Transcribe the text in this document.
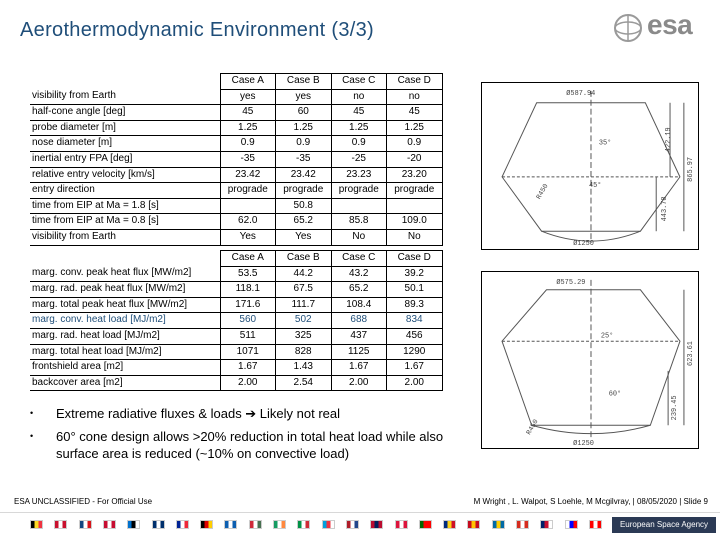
Aerothermodynamic Environment (3/3)	esa
	Case A	Case B	Case C	Case D
visibility from Earth	yes	yes	no	no
half-cone angle [deg]	45	60	45	45
probe diameter [m]	1.25	1.25	1.25	1.25
nose diameter [m]	0.9	0.9	0.9	0.9
inertial entry FPA [deg]	-35	-35	-25	-20
relative entry velocity [km/s]	23.42	23.42	23.23	23.20
entry direction	prograde	prograde	prograde	prograde
time from EIP at Ma = 1.8 [s]		50.8		
time from EIP at Ma = 0.8 [s]	62.0	65.2	85.8	109.0
visibility from Earth	Yes	Yes	No	No
	Case A	Case B	Case C	Case D
marg. conv. peak heat flux [MW/m2]	53.5	44.2	43.2	39.2
marg. rad. peak heat flux [MW/m2]	118.1	67.5	65.2	50.1
marg. total peak heat flux [MW/m2]	171.6	111.7	108.4	89.3
marg. conv. heat load [MJ/m2]	560	502	688	834
marg. rad. heat load [MJ/m2]	511	325	437	456
marg. total heat load [MJ/m2]	1071	828	1125	1290
frontshield area [m2]	1.67	1.43	1.67	1.67
backcover area [m2]	2.00	2.54	2.00	2.00
Ø587.94
422.19
865.97
443.78
R450
35°
45°
Ø1250
Ø575.29
623.61
239.45
25°
R450
60°
Ø1250
• Extreme radiative fluxes & loads ➔ Likely not real
• 60° cone design allows >20% reduction in total heat load while also surface area is reduced (~10% on convective load)
ESA UNCLASSIFIED - For Official Use	M Wright , L. Walpot, S Loehle, M Mcgilvray, | 08/05/2020 | Slide 9
European Space Agency
